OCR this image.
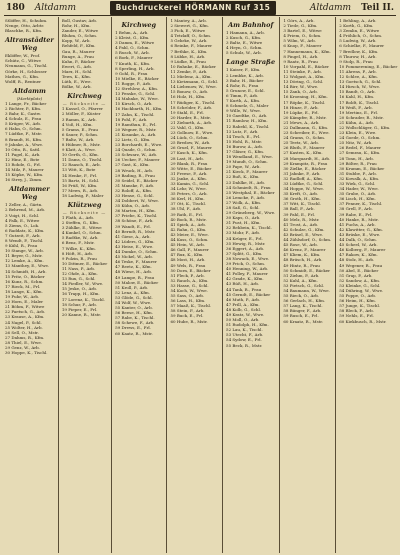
180 Altdamm	Buchdruckerei HÖRMANN Ruf 315	Altdamm Teil II.
Stlöffer, H., Schuhm.
Nenge, Otto, Arbtr.
Blaschke, R., Kfm.
Altranstädter Weg
Eklöffer, W., Prof.
Schütz, C., Witwe
Neumann, G., Tischl.
Görke, H., Schlosser
Mathes, G., Kfm.
Wolff, R., Rentner
Altdamm
(Marktplatz)
1 Lange, Fr., Bäcker
2 Richter, P., Kfm.
3 Bahr, K., Gastw.
4 Schulz, E., Frau
5 Krüger, W., Arb.
6 Hahn, O., Schm.
7 Lüdtke, F., Mstr.
8 Brandt, H., Kfm.
9 Jahnke, A., Wwe.
10 Otto, R., Sattl.
11 Pagel, K., Arb.
12 Hinz, E., Bote
13 Rohde, G., Frl.
14 Milz, P., Maurer
15 Köpke, W., Kfm.
16 Strey, J., Zimm.
Altdammer Weg
1 Zeller, A., Gärtn.
2 Behrend, M., Arb.
3 Voigt, H., Schl.
4 Falk, E., Witwe
5 Ziems, O., Lok.
6 Raddatz, K., Kfm.
7 Gutzeit, F., Arb.
8 Wendt, P., Tischl.
9 Kühl, R., Frau
10 Stange, W., Arb.
11 Beyer, G., Mstr.
12 Lemke, A., Kfm.
13 Manthey, E., Wwe.
14 Schmidt, H., Arb.
15 Fritz, O., Bäcker
16 Kunz, R., Schm.
17 Rieck, M., Frl.
18 Lange, K., Kfm.
19 Fuhr, W., Arb.
20 Horn, E., Maler
21 Böhm, F., Witwe
22 Paetsch, G., Arb.
23 Krause, A., Kfm.
24 Nagel, P., Schl.
25 Wolter, H., Arb.
26 Sell, O., Mstr.
27 Dahms, R., Kfm.
28 Thiel, E., Wwe.
29 Genz, W., Arb.
30 Hoppe, K., Tischl.
Boll, Gustav, Arb.
Rohr, H., Kfm.
Zander, E., Witwe
Bluhm, O., Schm.
Kopp, W., Arb.
Rehfeld, F., Kfm.
Gau, R., Maurer
Runge, A., Frau
Kuhn, P., Bäcker
Ewert, G., Arb.
Marx, H., Schl.
Tews, K., Kfm.
Lüth, E., Wwe.
Bölke, W., Arb.
Kirchweg
— Rückseite —
1 Kassel, O., Pfarrer
2 Möller, F., Küster
3 Ramm, K., Arb.
4 Voß, H., Kfm.
5 Grams, E., Frau
6 Sauer, P., Schm.
7 Baltz, W., Arb.
8 Hübner, R., Mstr.
9 Klatt, A., Wwe.
10 Gerth, G., Kfm.
11 Dams, O., Tischl.
12 Raasch, E., Arb.
13 Witt, K., Bote
14 Henke, F., Frl.
15 Bartz, H., Schl.
16 Prüß, W., Kfm.
17 Mews, R., Arb.
18 Ladwig, P., Maler
Klützweg
— Rückseite —
1 Plath, A., Arb.
2 Steffen, G., Kfm.
3 Zühlke, E., Witwe
4 Kunkel, O., Schm.
5 Radtke, W., Arb.
6 Benz, F., Mstr.
7 Wilke, K., Kfm.
8 Höft, H., Arb.
9 Polzin, R., Frau
10 Dittmer, E., Bäcker
11 Nass, P., Arb.
12 Ohde, A., Kfm.
13 Rux, G., Schl.
14 Fiedler, W., Wwe.
15 Jeske, O., Arb.
16 Trapp, H., Kfm.
17 Lorenz, K., Tischl.
18 Schur, F., Arb.
19 Pieper, E., Frl.
20 Kanne, R., Mstr.
Kirchweg
1 Behm, A., Arb.
2 Kleist, G., Kfm.
3 Damm, E., Witwe
4 Pahl, O., Schm.
5 Rusch, W., Arb.
6 Bork, F., Maurer
7 Knuth, K., Kfm.
8 Sperling, H., Arb.
9 Gohl, R., Frau
10 Mielke, E., Bäcker
11 Rogge, P., Arb.
12 Strehlow, A., Kfm.
13 Fenske, G., Schl.
14 Mahnke, W., Wwe.
15 Kirsch, O., Arb.
16 Hackbarth, H., Kfm.
17 Zahn, K., Tischl.
18 Pohl, F., Arb.
19 Ramthun, E., Frl.
20 Wegner, R., Mstr.
21 Kosanke, A., Arb.
22 Lietz, G., Kfm.
23 Borchardt, E., Wwe.
24 Quade, O., Schm.
25 Schwarz, W., Arb.
26 Uecker, F., Maurer
27 Gast, K., Kfm.
28 Wruck, H., Arb.
29 Bading, R., Frau
30 Seidel, E., Bäcker
31 Manske, P., Arb.
32 Roloff, A., Kfm.
33 Hense, G., Schl.
34 Dobbert, W., Wwe.
35 Kühn, O., Arb.
36 Marten, H., Kfm.
37 Priebe, K., Tischl.
38 Schöne, F., Arb.
39 Wandt, E., Frl.
40 Berndt, R., Mstr.
41 Giese, A., Arb.
42 Lüders, G., Kfm.
43 Heise, E., Wwe.
44 Dumke, O., Schm.
45 Nickel, W., Arb.
46 Teske, F., Maurer
47 Reetz, K., Kfm.
48 Wiese, H., Arb.
49 Lampe, R., Frau
50 Malow, E., Bäcker
51 Kroll, P., Arb.
52 Lenz, A., Kfm.
53 Glöde, G., Schl.
54 Wolf, W., Wwe.
55 Kanter, O., Arb.
56 Beese, H., Kfm.
57 Rabe, K., Tischl.
58 Schewe, F., Arb.
59 Drews, E., Frl.
60 Kaatz, R., Mstr.
1 Mantey, A., Arb.
2 Siewert, G., Kfm.
3 Fick, E., Witwe
4 Tetzlaff, O., Schm.
5 Gehrke, W., Arb.
6 Reinke, F., Maurer
7 Bethke, K., Kfm.
8 Lübke, H., Arb.
9 Lüdke, R., Frau
10 Ruhnke, E., Bäcker
11 Zemke, P., Arb.
12 Mielenz, A., Kfm.
13 Kietzmann, G., Schl.
14 Liebenow, W., Wwe.
15 Bonow, O., Arb.
16 Holz, H., Kfm.
17 Rüdiger, K., Tischl.
18 Schröder, F., Arb.
19 Stahl, E., Frl.
20 Harder, R., Mstr.
21 Ziebarth, A., Arb.
22 Vahl, G., Kfm.
23 Gollnow, E., Wwe.
24 Lück, O., Schm.
25 Bredow, W., Arb.
26 Gruel, F., Maurer
27 Kasch, K., Kfm.
28 Last, H., Arb.
29 Blank, R., Frau
30 Witte, E., Bäcker
31 Freese, P., Arb.
32 Janke, A., Kfm.
33 Kamin, G., Schl.
34 Lehr, W., Wwe.
35 Peters, O., Arb.
36 Kerl, H., Kfm.
37 Ott, K., Tischl.
38 Uhl, F., Arb.
39 Rath, E., Frl.
40 Bock, R., Mstr.
41 Spiek, A., Arb.
42 Rahn, G., Kfm.
43 Meier, E., Wwe.
44 Kuss, O., Schm.
45 Hein, W., Arb.
46 Gall, F., Maurer
47 Rux, K., Kfm.
48 Most, H., Arb.
49 Wels, R., Frau
50 Dorn, E., Bäcker
51 Fleck, P., Arb.
52 Rauch, A., Kfm.
53 Hasse, G., Schl.
54 Koch, W., Wwe.
55 Sass, O., Arb.
56 Lass, H., Kfm.
57 Maaß, K., Tischl.
58 Stein, F., Arb.
59 Buck, E., Frl.
60 Hube, R., Mstr.
Am Bahnhof
1 Hamann, A., Arb.
2 Kusch, G., Kfm.
3 Baltz, E., Witwe
4 Heyn, O., Schm.
5 Schulz, W., Arb.
Lange Straße
1 Kaiser, F., Kfm.
2 Lembke, K., Arb.
3 Bahr, H., Bäcker
4 Rohr, R., Frau
5 Grunow, E., Schl.
6 Timm, P., Arb.
7 Kurth, A., Kfm.
8 Schmelz, G., Maler
9 Wille, W., Wwe.
10 Gaedtke, O., Arb.
11 Ramlow, H., Kfm.
12 Rabehl, K., Tischl.
13 Lutz, F., Arb.
14 Tesch, E., Frl.
15 Hohl, R., Mstr.
16 Burow, A., Arb.
17 Gläser, G., Kfm.
18 Wendland, E., Wwe.
19 Mundt, O., Schm.
20 Pape, W., Arb.
21 Kieck, F., Maurer
22 Ruß, K., Kfm.
23 Dahlke, H., Arb.
24 Schmiedt, R., Frau
25 Westphal, E., Bäcker
26 Lemcke, P., Arb.
27 Wolk, A., Kfm.
28 Saß, G., Schl.
29 Grüneberg, W., Wwe.
30 Kaps, O., Arb.
31 Pust, H., Kfm.
32 Rehbein, K., Tischl.
33 Mohr, F., Arb.
34 Krüger, E., Frl.
35 Hewig, R., Mstr.
36 Eggert, A., Arb.
37 Splitt, G., Kfm.
38 Nowack, E., Wwe.
39 Frick, O., Schm.
40 Henning, W., Arb.
41 Polley, F., Maurer
42 Grade, K., Kfm.
43 Rüß, H., Arb.
44 Tank, R., Frau
45 Gerndt, E., Bäcker
46 Muth, P., Arb.
47 Prill, A., Kfm.
48 Kolb, G., Schl.
49 Kratz, W., Wwe.
50 Moll, O., Arb.
51 Rudolph, H., Kfm.
52 Lau, K., Tischl.
53 Utecht, F., Arb.
54 Sydow, E., Frl.
55 Beck, R., Mstr.
1 Görs, A., Arb.
2 Tiede, G., Kfm.
3 Bartel, E., Witwe
4 Priem, O., Schm.
5 Wilm, W., Arb.
6 Knop, F., Maurer
7 Hannemann, K., Kfm.
8 Pingel, H., Arb.
9 Raatz, R., Frau
10 Vorpahl, E., Bäcker
11 Steinke, P., Arb.
12 Wolgast, A., Kfm.
13 Döring, G., Schl.
14 Birr, W., Wwe.
15 Zank, O., Arb.
16 Kroening, H., Kfm.
17 Röpke, K., Tischl.
18 Hinze, F., Arb.
19 Lüpke, E., Frl.
20 Kämpfer, R., Mstr.
21 Mews, A., Arb.
22 Dallmann, G., Kfm.
23 Schreiber, E., Wwe.
24 Grams, O., Schm.
25 Teetz, W., Arb.
26 Bluth, F., Maurer
27 Kasten, K., Kfm.
28 Marquardt, H., Arb.
29 Krampitz, R., Frau
30 Zielke, E., Bäcker
31 Jahnke, P., Arb.
32 Radloff, A., Kfm.
33 Lüdtke, G., Schl.
34 Hoppe, W., Wwe.
35 Kreft, O., Arb.
36 Groth, H., Kfm.
37 Witt, K., Tischl.
38 Ball, F., Arb.
39 Pahl, E., Frl.
40 Melz, R., Mstr.
41 Trost, A., Arb.
42 Schulze, G., Kfm.
43 Bräsel, E., Wwe.
44 Zühlsdorf, O., Schm.
45 Rose, W., Arb.
46 Krenz, F., Maurer
47 Kliem, K., Kfm.
48 Brüsch, H., Arb.
49 Hintz, R., Frau
50 Schmidt, E., Bäcker
51 Ziehm, P., Arb.
52 Kuhl, A., Kfm.
53 Pietsch, G., Schl.
54 Baumann, W., Wwe.
55 Rieck, O., Arb.
56 Gerlach, H., Kfm.
57 Lang, K., Tischl.
58 Bünger, F., Arb.
59 Rusch, E., Frl.
60 Kraatz, R., Mstr.
1 Behling, A., Arb.
2 Korth, G., Kfm.
3 Zemlin, E., Witwe
4 Fröhlich, O., Schm.
5 Ludwig, W., Arb.
6 Schielke, F., Maurer
7 Bredlow, K., Kfm.
8 Thurow, H., Arb.
9 Stolp, R., Frau
10 Pommerening, E., Bäcker
11 Ahrens, P., Arb.
12 Schlee, A., Kfm.
13 Goetsch, G., Schl.
14 Hirsch, W., Wwe.
15 Bandt, O., Arb.
16 Kahl, H., Kfm.
17 Boldt, K., Tischl.
18 Weiß, F., Arb.
19 Mertins, E., Frl.
20 Schrader, R., Mstr.
21 Kühn, A., Arb.
22 Wollschläger, G., Kfm.
23 Klein, E., Wwe.
24 Goede, O., Schm.
25 Nitz, W., Arb.
26 Redel, F., Maurer
27 Semrau, K., Kfm.
28 Tonn, H., Arb.
29 Bölter, R., Frau
30 Krumm, E., Bäcker
31 Stubbe, P., Arb.
32 Kowalk, A., Kfm.
33 Wiek, G., Schl.
34 Hader, W., Wwe.
35 Grube, O., Arb.
36 Lisch, H., Kfm.
37 Fenner, K., Tischl.
38 Grell, F., Arb.
39 Rabe, E., Frl.
40 Hanke, R., Mstr.
41 Fuchs, A., Arb.
42 Klawitter, G., Kfm.
43 Brüske, E., Wwe.
44 Dalk, O., Schm.
45 Scheel, W., Arb.
46 Kolberg, F., Maurer
47 Rakow, K., Kfm.
48 Stolz, H., Arb.
49 Wegener, R., Frau
50 Abel, E., Bäcker
51 Grap, P., Arb.
52 Sandow, A., Kfm.
53 Kleinke, G., Schl.
54 Dühring, W., Wwe.
55 Poppe, O., Arb.
56 Heim, H., Kfm.
57 Junge, K., Tischl.
58 Bleck, F., Arb.
59 Nehls, E., Frl.
60 Kiekbusch, R., Mstr.
